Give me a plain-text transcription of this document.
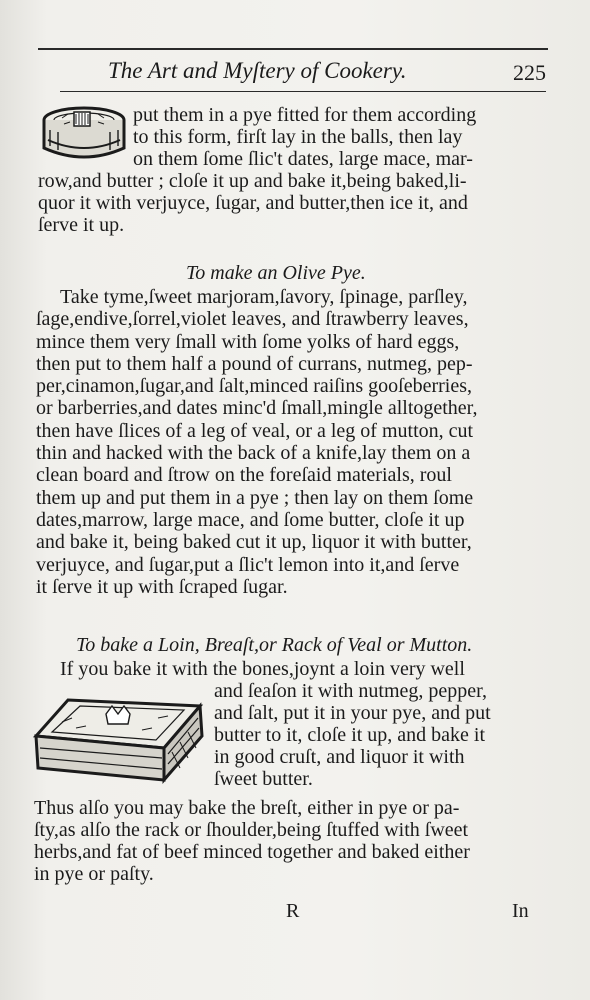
The Art and Myſtery of Cookery.	225
put them in a pye fitted for them according
to this form, firſt lay in the balls, then lay
on them ſome ſlic't dates, large mace, mar-
row,and butter ; cloſe it up and bake it,being baked,li-
quor it with verjuyce, ſugar, and butter,then ice it, and
ſerve it up.
To make an Olive Pye.
Take tyme,ſweet marjoram,ſavory, ſpinage, parſley,
ſage,endive,ſorrel,violet leaves, and ſtrawberry leaves,
mince them very ſmall with ſome yolks of hard eggs,
then put to them half a pound of currans, nutmeg, pep-
per,cinamon,ſugar,and ſalt,minced raiſins gooſeberries,
or barberries,and dates minc'd ſmall,mingle alltogether,
then have ſlices of a leg of veal, or a leg of mutton, cut
thin and hacked with the back of a knife,lay them on a
clean board and ſtrow on the foreſaid materials, roul
them up and put them in a pye ; then lay on them ſome
dates,marrow, large mace, and ſome butter, cloſe it up
and bake it, being baked cut it up, liquor it with butter,
verjuyce, and ſugar,put a ſlic't lemon into it,and ſerve
it ſerve it up with ſcraped ſugar.
To bake a Loin, Breaſt,or Rack of Veal or Mutton.
If you bake it with the bones,joynt a loin very well
and ſeaſon it with nutmeg, pepper,
and ſalt, put it in your pye, and put
butter to it, cloſe it up, and bake it
in good cruſt, and liquor it with
ſweet butter.
Thus alſo you may bake the breſt, either in pye or pa-
ſty,as alſo the rack or ſhoulder,being ſtuffed with ſweet
herbs,and fat of beef minced together and baked either
in pye or paſty.
R	In
